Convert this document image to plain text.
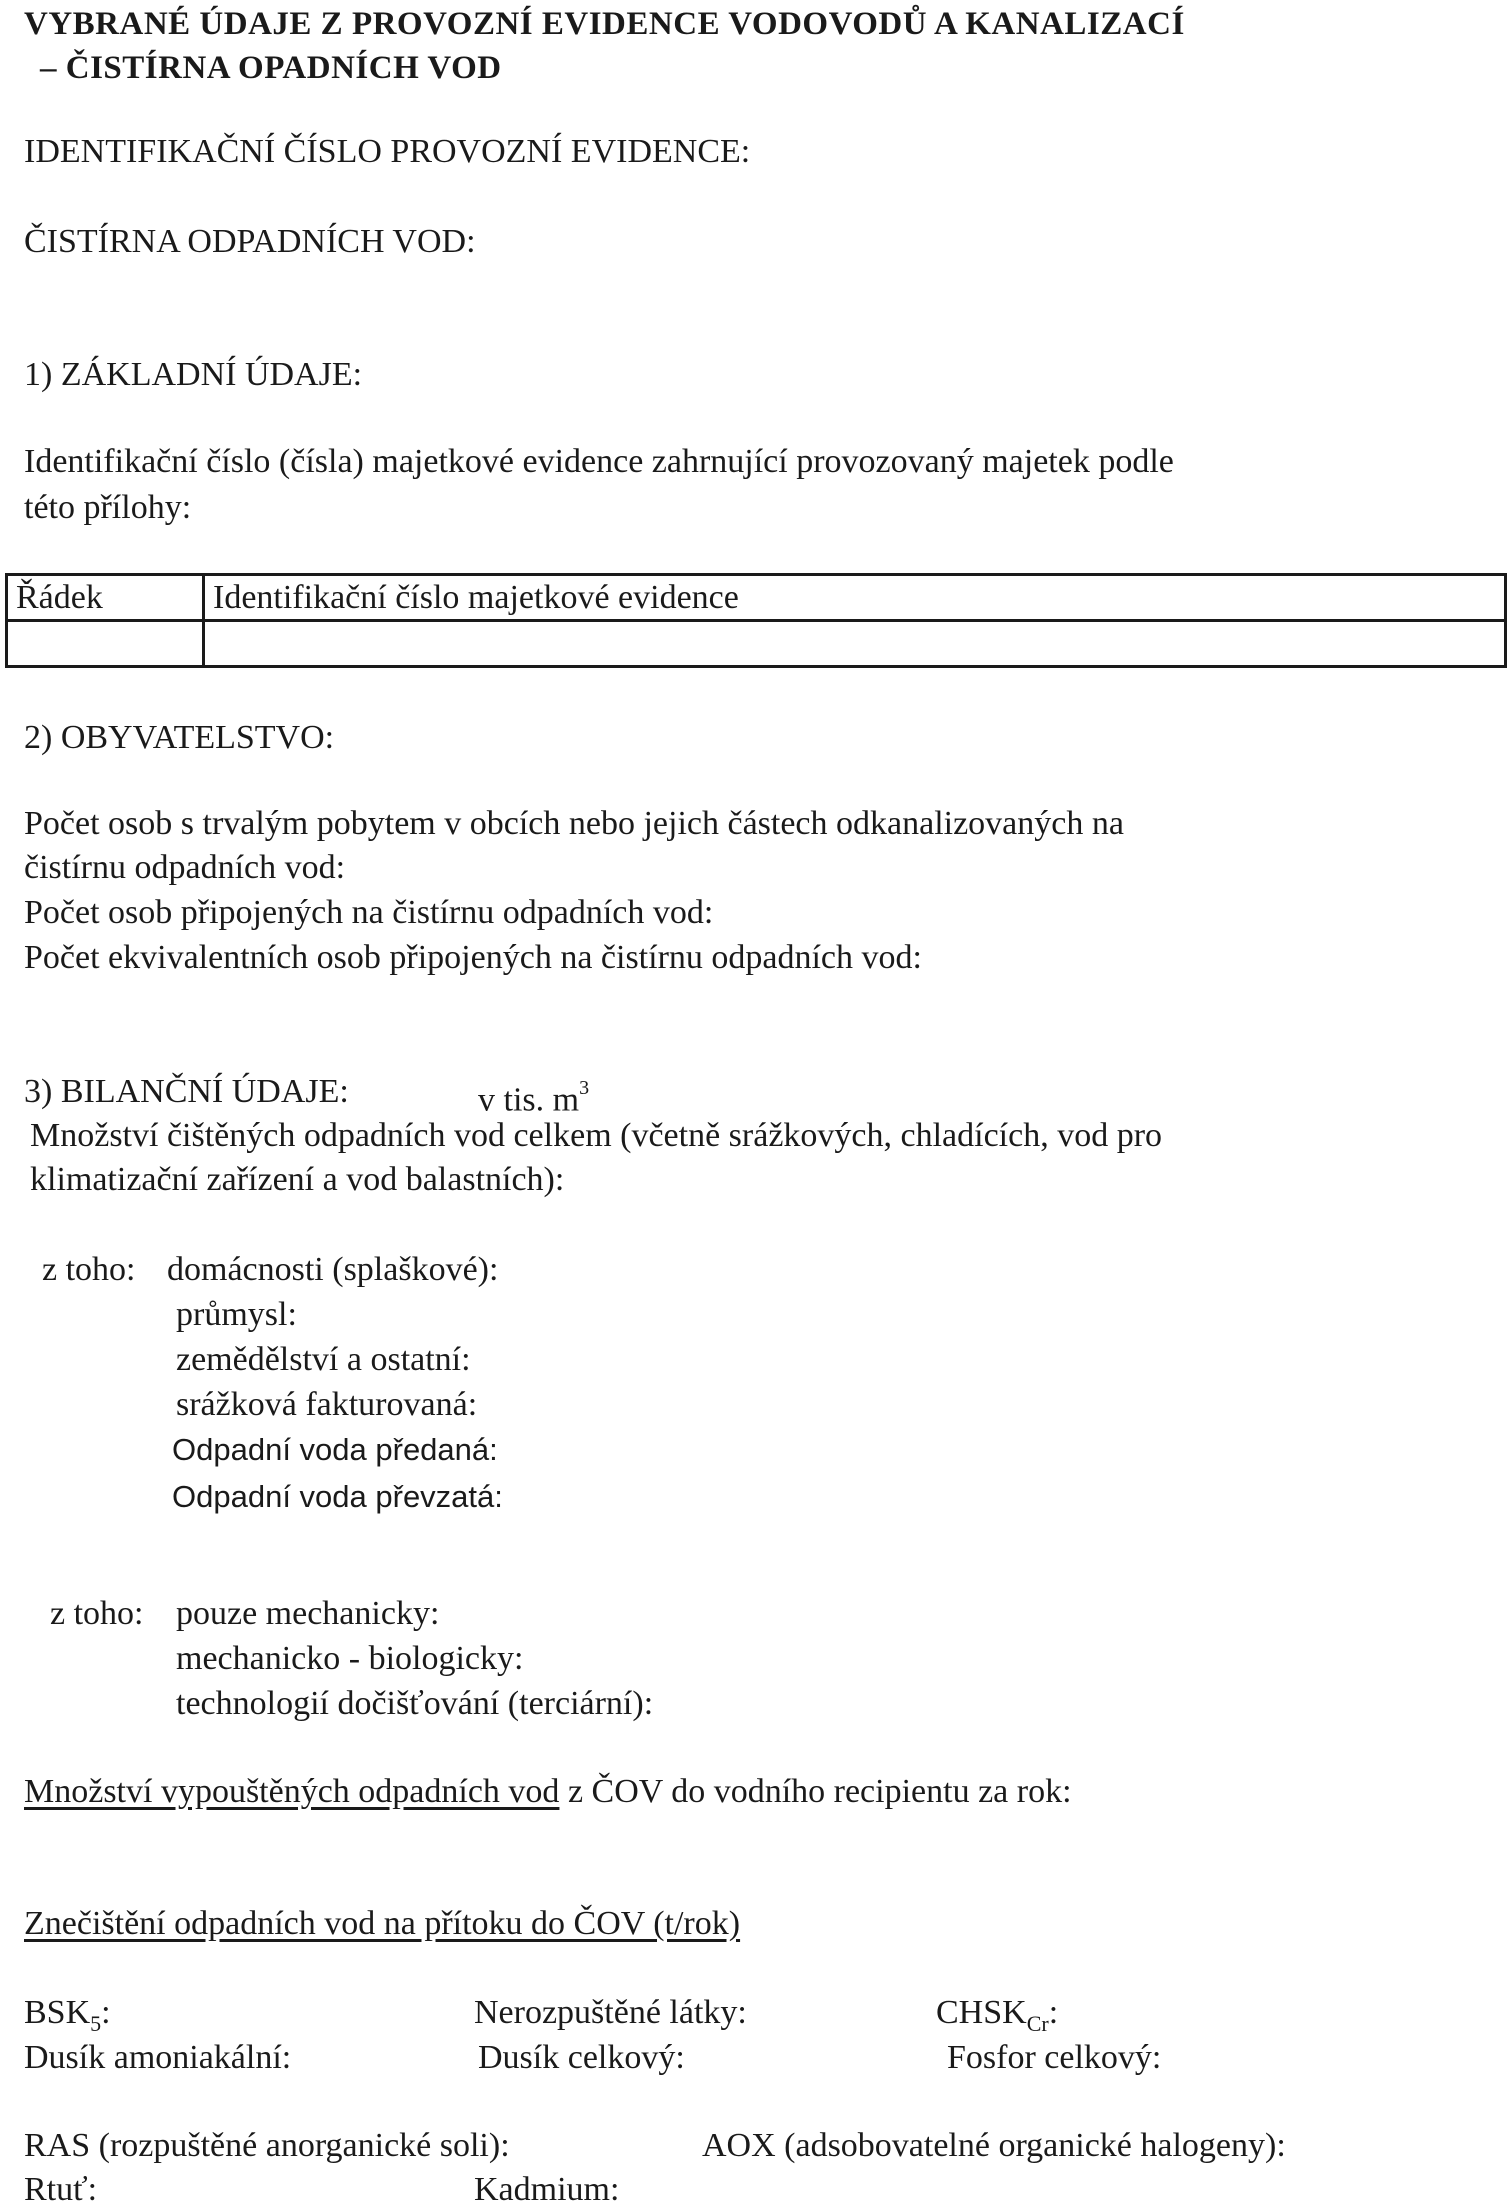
VYBRANÉ ÚDAJE Z PROVOZNÍ EVIDENCE VODOVODŮ A KANALIZACÍ
– ČISTÍRNA OPADNÍCH VOD
IDENTIFIKAČNÍ ČÍSLO PROVOZNÍ EVIDENCE:
ČISTÍRNA ODPADNÍCH VOD:
1) ZÁKLADNÍ ÚDAJE:
Identifikační číslo (čísla) majetkové evidence zahrnující provozovaný majetek podle
této přílohy:
Řádek	Identifikační číslo majetkové evidence

2) OBYVATELSTVO:
Počet osob s trvalým pobytem v obcích nebo jejich částech odkanalizovaných na
čistírnu odpadních vod:
Počet osob připojených na čistírnu odpadních vod:
Počet ekvivalentních osob připojených na čistírnu odpadních vod:
3) BILANČNÍ ÚDAJE:	v tis. $m^3$
Množství čištěných odpadních vod celkem (včetně srážkových, chladících, vod pro
klimatizační zařízení a vod balastních):
z toho: domácnosti (splaškové):
průmysl:
zemědělství a ostatní:
srážková fakturovaná:
Odpadní voda předaná:
Odpadní voda převzatá:
z toho: pouze mechanicky:
mechanicko - biologicky:
technologií dočišťování (terciární):
Množství vypouštěných odpadních vod z ČOV do vodního recipientu za rok:
Znečištění odpadních vod na přítoku do ČOV (t/rok)
$BSK_5$:	Nerozpuštěné látky:	$CHSK_{Cr}$:
Dusík amoniakální:	Dusík celkový:	Fosfor celkový:
RAS (rozpuštěné anorganické soli):	AOX (adsobovatelné organické halogeny):
Rtuť:	Kadmium:
